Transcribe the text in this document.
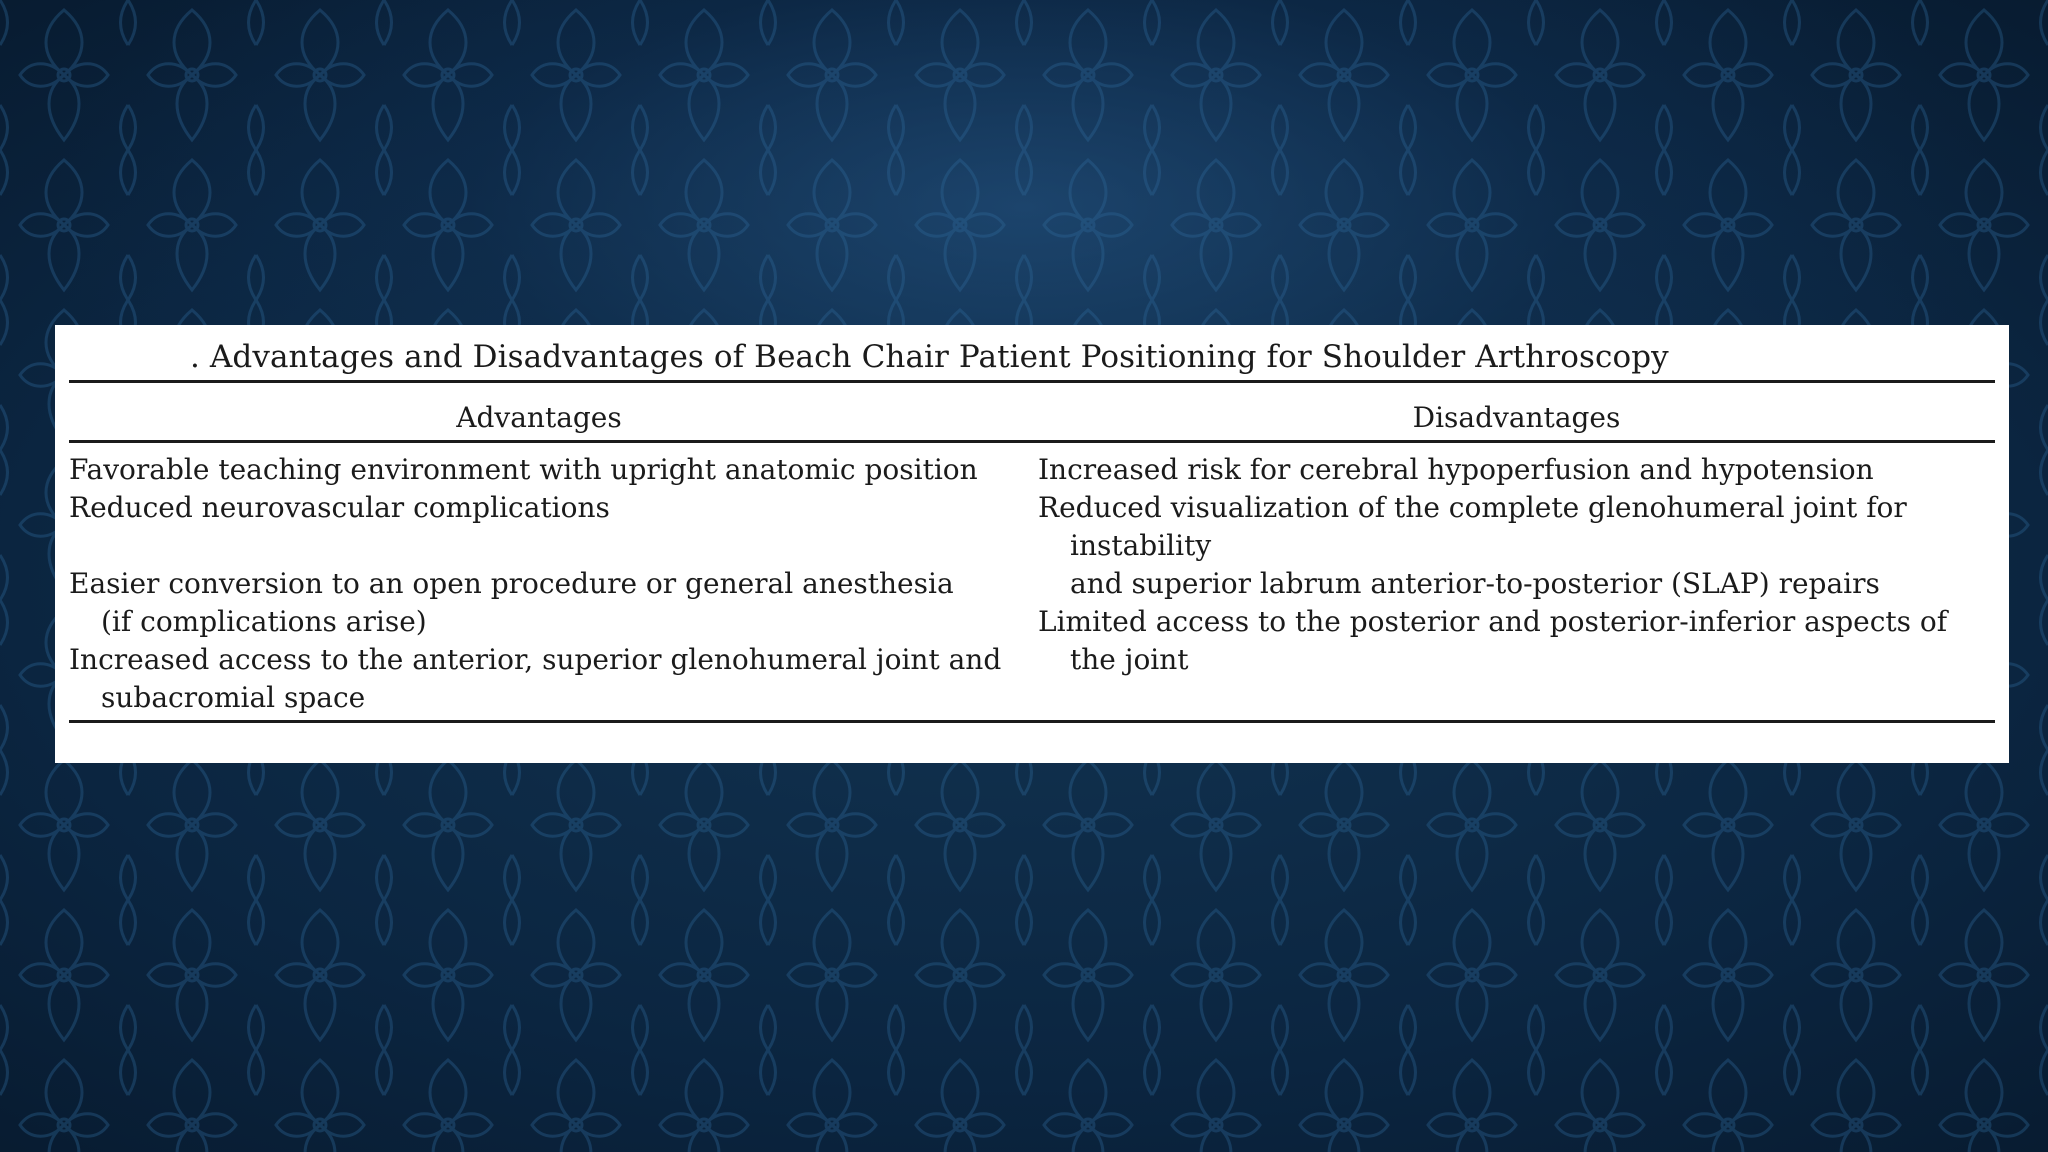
. Advantages and Disadvantages of Beach Chair Patient Positioning for Shoulder Arthroscopy
Advantages	Disadvantages

Favorable teaching environment with upright anatomic position

Reduced neurovascular complications

Easier conversion to an open procedure or general anesthesia
(if complications arise)

Increased access to the anterior, superior glenohumeral joint and
subacromial space

Increased risk for cerebral hypoperfusion and hypotension

Reduced visualization of the complete glenohumeral joint for instability
and superior labrum anterior-to-posterior (SLAP) repairs

Limited access to the posterior and posterior-inferior aspects of the joint
